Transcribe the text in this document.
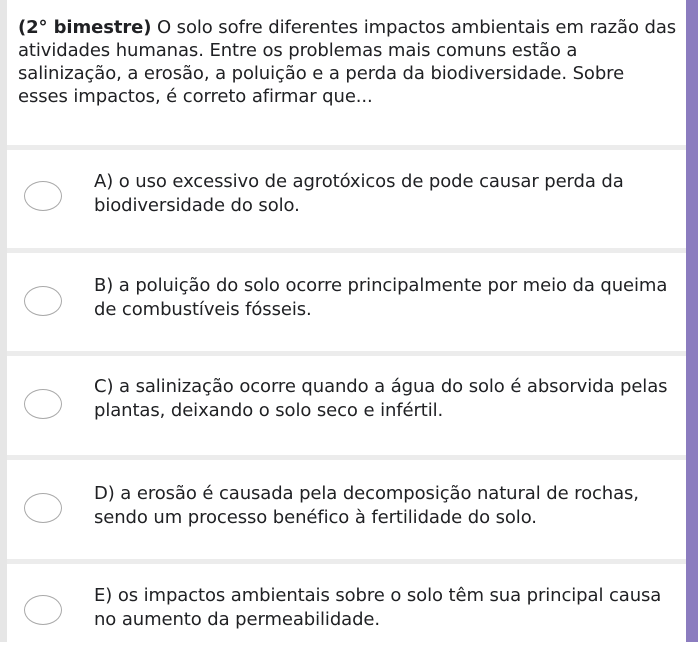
(2° bimestre) O solo sofre diferentes impactos ambientais em razão das atividades humanas. Entre os problemas mais comuns estão a salinização, a erosão, a poluição e a perda da biodiversidade. Sobre esses impactos, é correto afirmar que...
A) o uso excessivo de agrotóxicos de pode causar perda da biodiversidade do solo.
B) a poluição do solo ocorre principalmente por meio da queima de combustíveis fósseis.
C) a salinização ocorre quando a água do solo é absorvida pelas plantas, deixando o solo seco e infértil.
D) a erosão é causada pela decomposição natural de rochas, sendo um processo benéfico à fertilidade do solo.
E) os impactos ambientais sobre o solo têm sua principal causa no aumento da permeabilidade.
